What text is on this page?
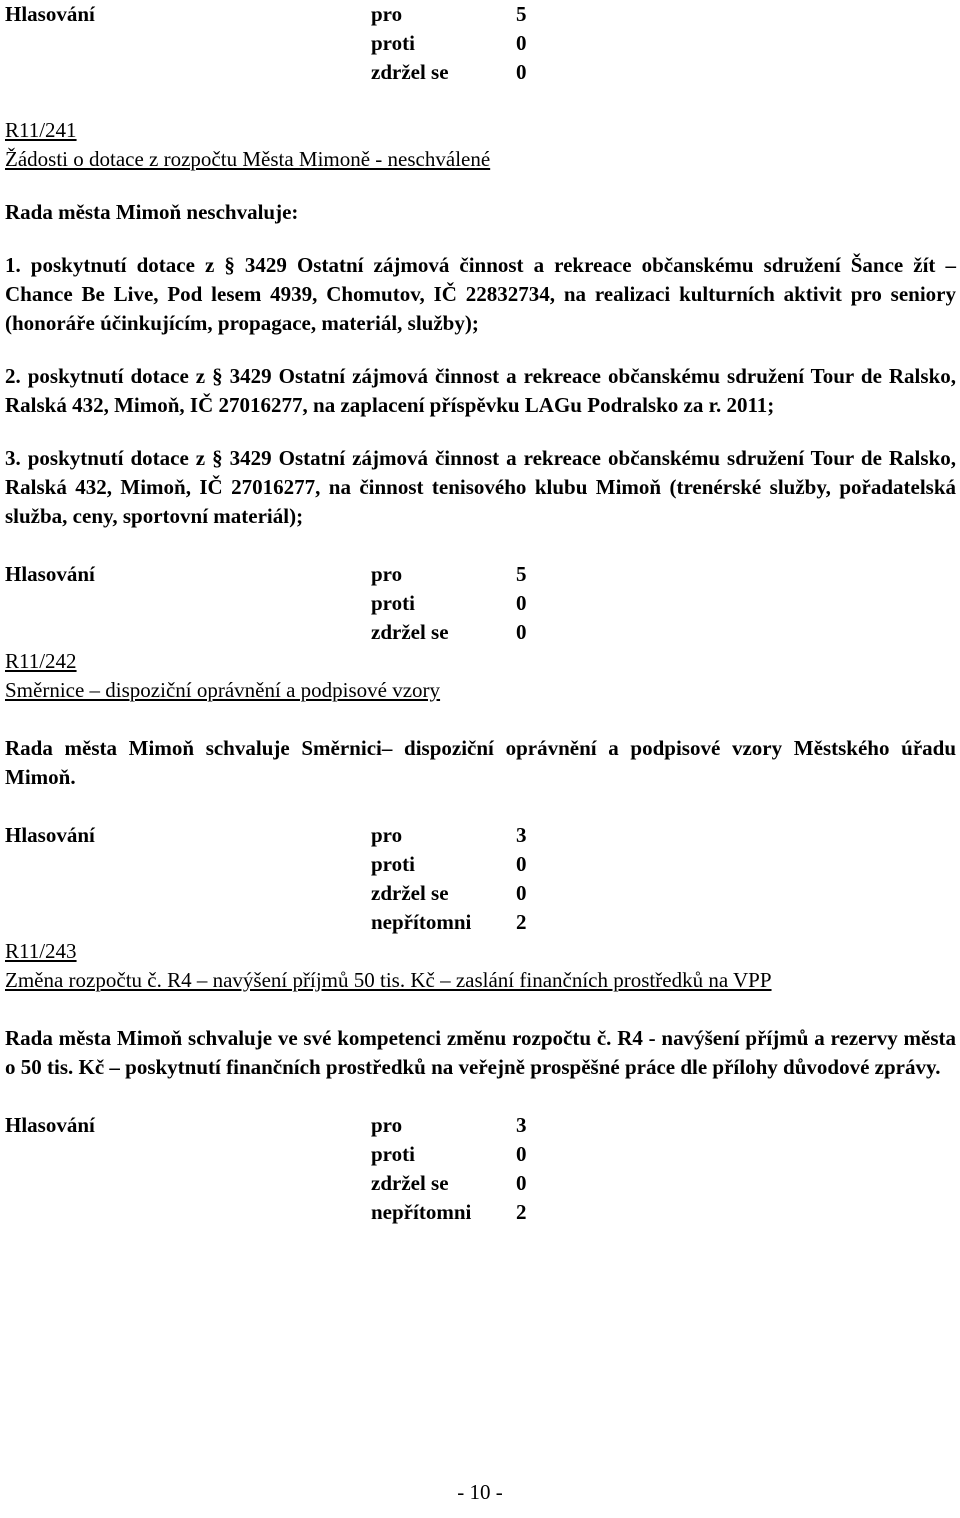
Hlasování	pro	5
proti	0
zdržel se	0
R11/241
Žádosti o dotace z rozpočtu Města Mimoně - neschválené
Rada města Mimoň neschvaluje:
1. poskytnutí dotace z § 3429 Ostatní zájmová činnost a rekreace občanskému sdružení Šance žít – Chance Be Live, Pod lesem 4939, Chomutov, IČ 22832734, na realizaci kulturních aktivit pro seniory (honoráře účinkujícím, propagace, materiál, služby);
2. poskytnutí dotace z § 3429 Ostatní zájmová činnost a rekreace občanskému sdružení Tour de Ralsko, Ralská 432, Mimoň, IČ 27016277, na zaplacení příspěvku LAGu Podralsko za r. 2011;
3. poskytnutí dotace z § 3429 Ostatní zájmová činnost a rekreace občanskému sdružení Tour de Ralsko, Ralská 432, Mimoň, IČ 27016277, na činnost tenisového klubu Mimoň (trenérské služby, pořadatelská služba, ceny, sportovní materiál);
Hlasování	pro	5
proti	0
zdržel se	0
R11/242
Směrnice – dispoziční oprávnění a podpisové vzory
Rada města Mimoň schvaluje Směrnici– dispoziční oprávnění a podpisové vzory Městského úřadu Mimoň.
Hlasování	pro	3
proti	0
zdržel se	0
nepřítomni 2
R11/243
Změna rozpočtu č. R4 – navýšení příjmů 50 tis. Kč – zaslání finančních prostředků na VPP
Rada města Mimoň schvaluje ve své kompetenci změnu rozpočtu č. R4 - navýšení příjmů a rezervy města o 50 tis. Kč – poskytnutí finančních prostředků na veřejně prospěšné práce dle přílohy důvodové zprávy.
Hlasování	pro	3
proti	0
zdržel se	0
nepřítomni 2
- 10 -
